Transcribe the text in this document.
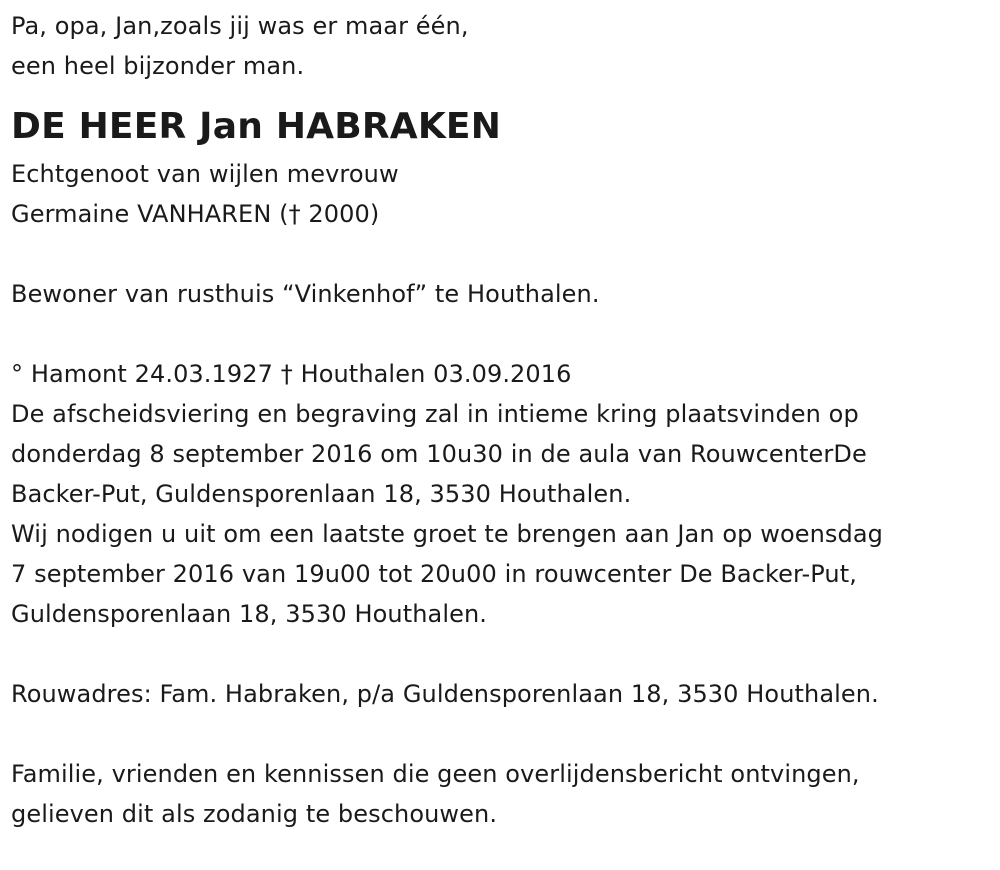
Pa, opa, Jan,zoals jij was er maar één,
een heel bijzonder man.
DE HEER Jan HABRAKEN
Echtgenoot van wijlen mevrouw
Germaine VANHAREN († 2000)
Bewoner van rusthuis “Vinkenhof” te Houthalen.
° Hamont 24.03.1927 † Houthalen 03.09.2016
De afscheidsviering en begraving zal in intieme kring plaatsvinden op
donderdag 8 september 2016 om 10u30 in de aula van RouwcenterDe
Backer-Put, Guldensporenlaan 18, 3530 Houthalen.
Wij nodigen u uit om een laatste groet te brengen aan Jan op woensdag
7 september 2016 van 19u00 tot 20u00 in rouwcenter De Backer-Put,
Guldensporenlaan 18, 3530 Houthalen.
Rouwadres: Fam. Habraken, p/a Guldensporenlaan 18, 3530 Houthalen.
Familie, vrienden en kennissen die geen overlijdensbericht ontvingen,
gelieven dit als zodanig te beschouwen.
